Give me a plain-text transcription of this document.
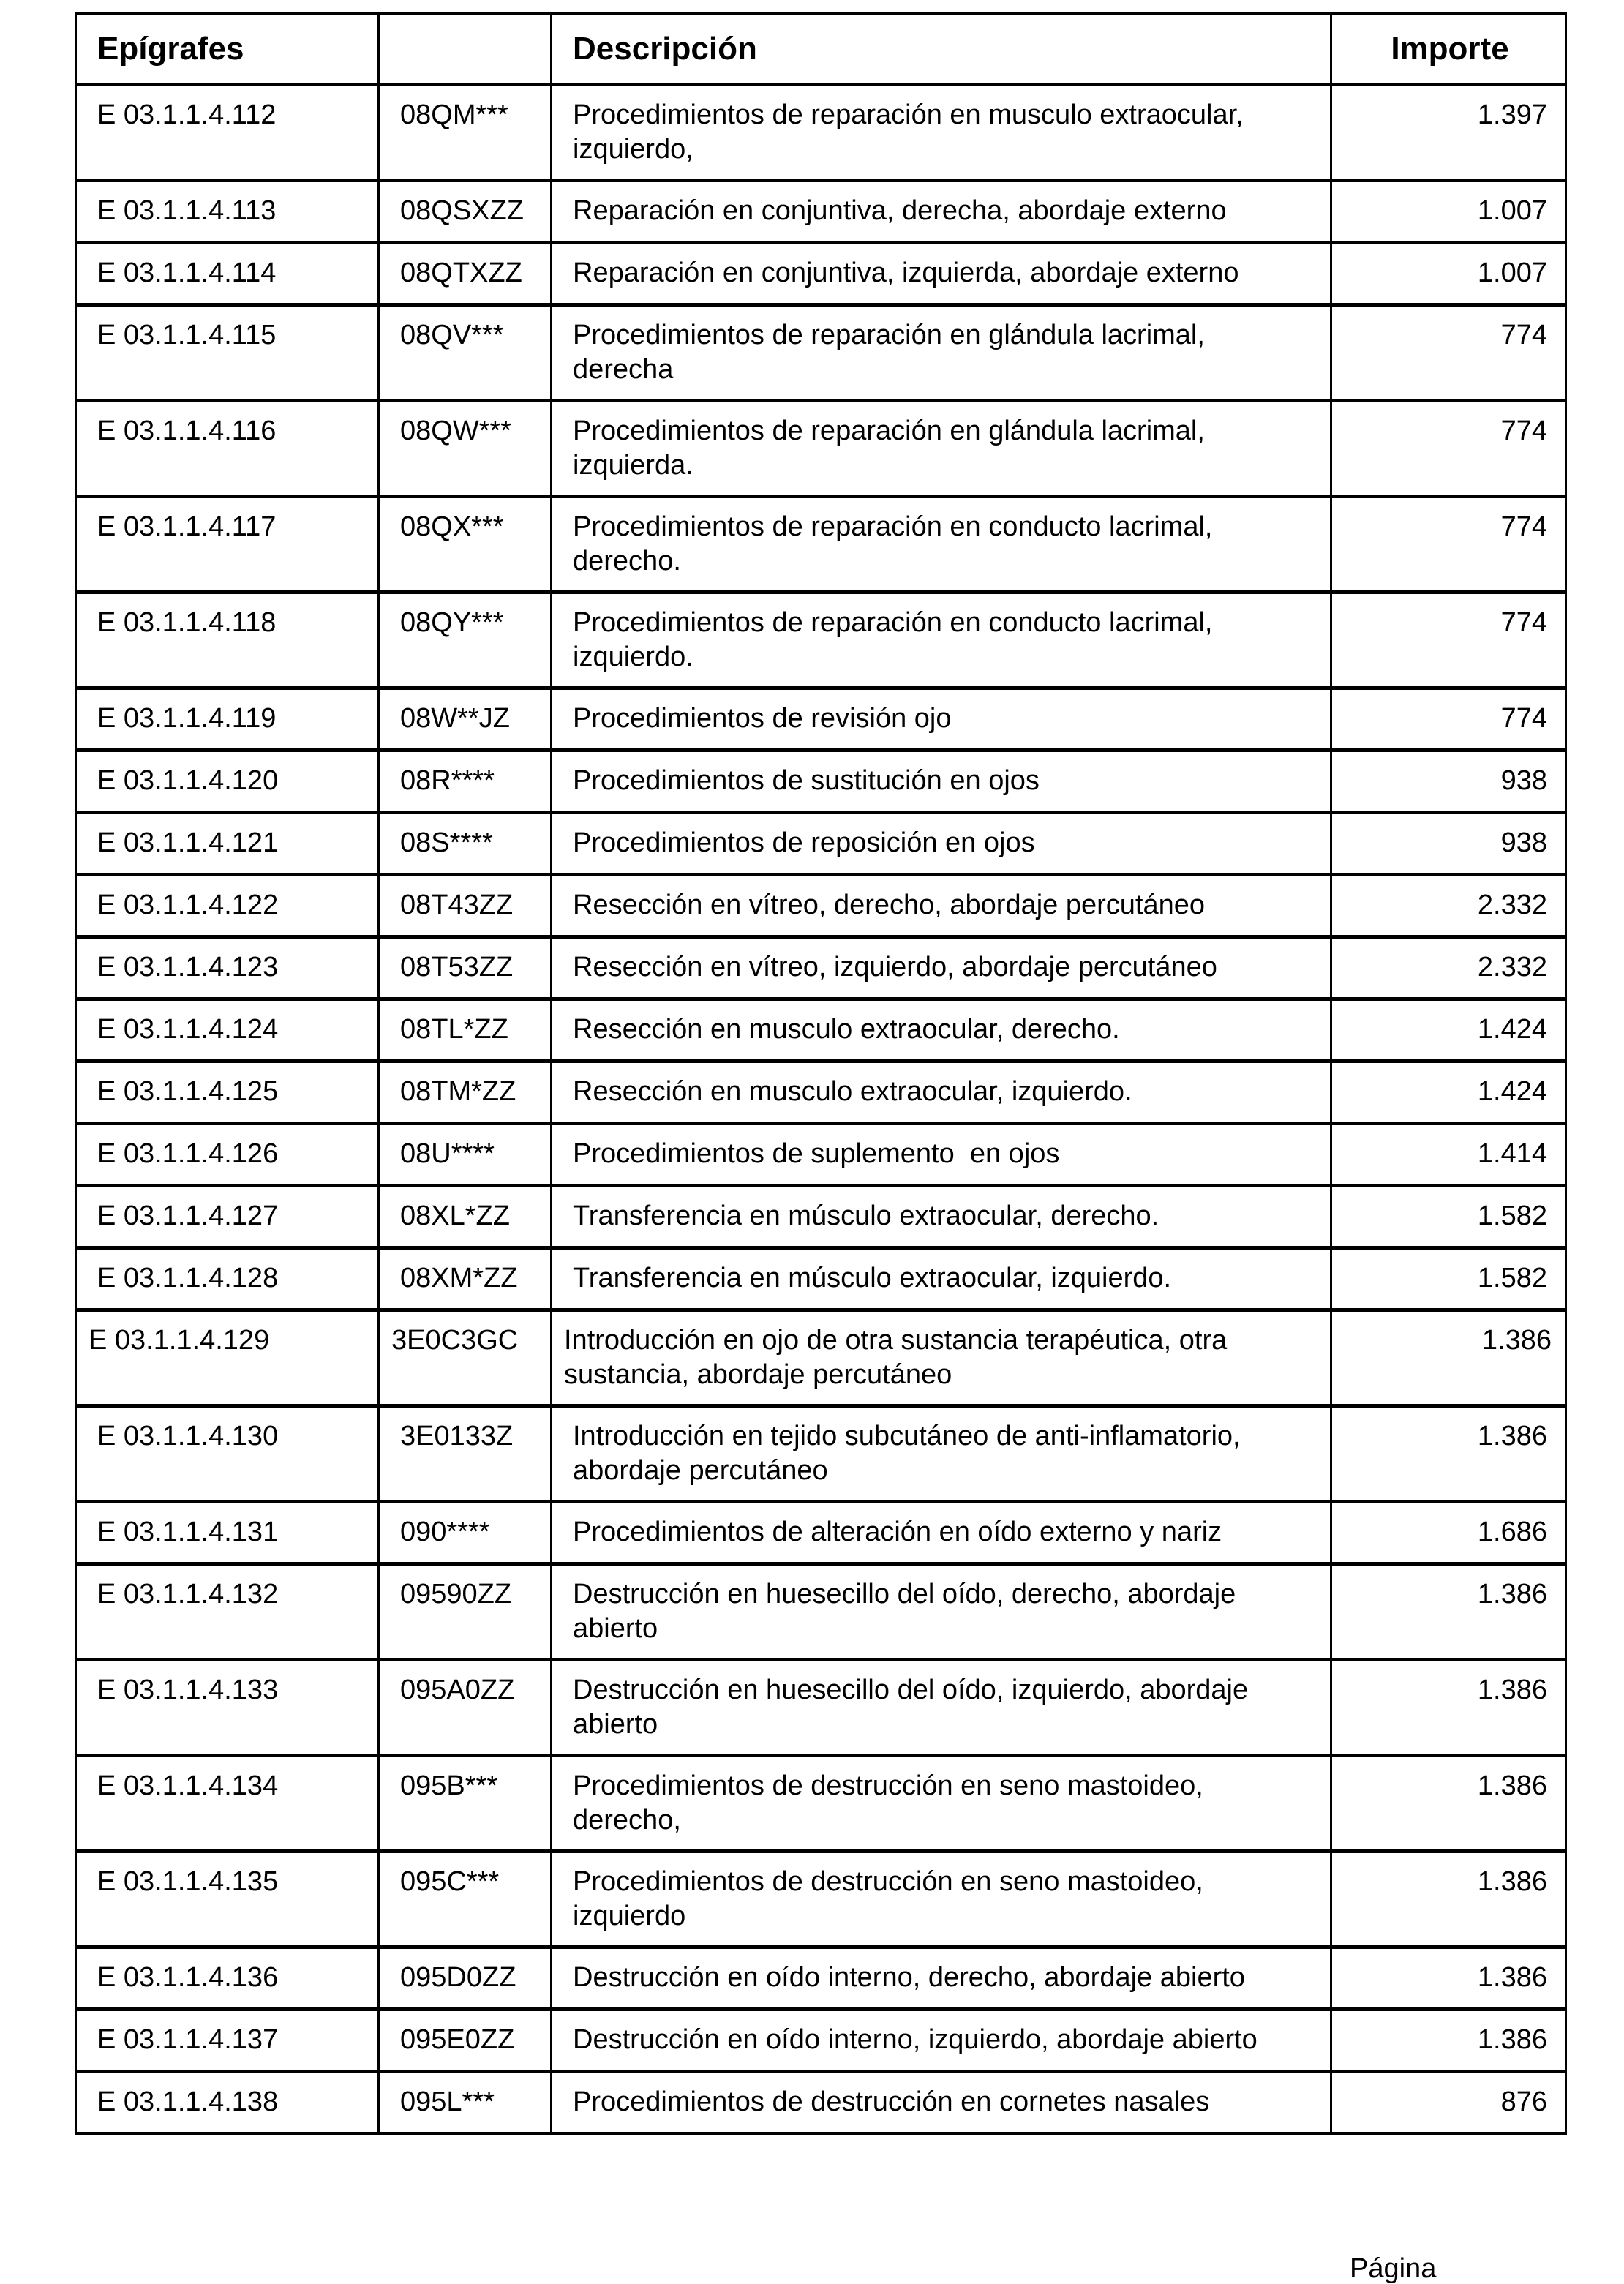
Epígrafes		Descripción	Importe
E 03.1.1.4.112	08QM***	Procedimientos de reparación en musculo extraocular, izquierdo,	1.397
E 03.1.1.4.113	08QSXZZ	Reparación en conjuntiva, derecha, abordaje externo	1.007
E 03.1.1.4.114	08QTXZZ	Reparación en conjuntiva, izquierda, abordaje externo	1.007
E 03.1.1.4.115	08QV***	Procedimientos de reparación en glándula lacrimal, derecha	774
E 03.1.1.4.116	08QW***	Procedimientos de reparación en glándula lacrimal, izquierda.	774
E 03.1.1.4.117	08QX***	Procedimientos de reparación en conducto lacrimal, derecho.	774
E 03.1.1.4.118	08QY***	Procedimientos de reparación en conducto lacrimal, izquierdo.	774
E 03.1.1.4.119	08W**JZ	Procedimientos de revisión ojo	774
E 03.1.1.4.120	08R****	Procedimientos de sustitución en ojos	938
E 03.1.1.4.121	08S****	Procedimientos de reposición en ojos	938
E 03.1.1.4.122	08T43ZZ	Resección en vítreo, derecho, abordaje percutáneo	2.332
E 03.1.1.4.123	08T53ZZ	Resección en vítreo, izquierdo, abordaje percutáneo	2.332
E 03.1.1.4.124	08TL*ZZ	Resección en musculo extraocular, derecho.	1.424
E 03.1.1.4.125	08TM*ZZ	Resección en musculo extraocular, izquierdo.	1.424
E 03.1.1.4.126	08U****	Procedimientos de suplemento  en ojos	1.414
E 03.1.1.4.127	08XL*ZZ	Transferencia en músculo extraocular, derecho.	1.582
E 03.1.1.4.128	08XM*ZZ	Transferencia en músculo extraocular, izquierdo.	1.582
E 03.1.1.4.129	3E0C3GC	Introducción en ojo de otra sustancia terapéutica, otra sustancia, abordaje percutáneo	1.386
E 03.1.1.4.130	3E0133Z	Introducción en tejido subcutáneo de anti-inflamatorio, abordaje percutáneo	1.386
E 03.1.1.4.131	090****	Procedimientos de alteración en oído externo y nariz	1.686
E 03.1.1.4.132	09590ZZ	Destrucción en huesecillo del oído, derecho, abordaje abierto	1.386
E 03.1.1.4.133	095A0ZZ	Destrucción en huesecillo del oído, izquierdo, abordaje abierto	1.386
E 03.1.1.4.134	095B***	Procedimientos de destrucción en seno mastoideo, derecho,	1.386
E 03.1.1.4.135	095C***	Procedimientos de destrucción en seno mastoideo, izquierdo	1.386
E 03.1.1.4.136	095D0ZZ	Destrucción en oído interno, derecho, abordaje abierto	1.386
E 03.1.1.4.137	095E0ZZ	Destrucción en oído interno, izquierdo, abordaje abierto	1.386
E 03.1.1.4.138	095L***	Procedimientos de destrucción en cornetes nasales	876
Página
